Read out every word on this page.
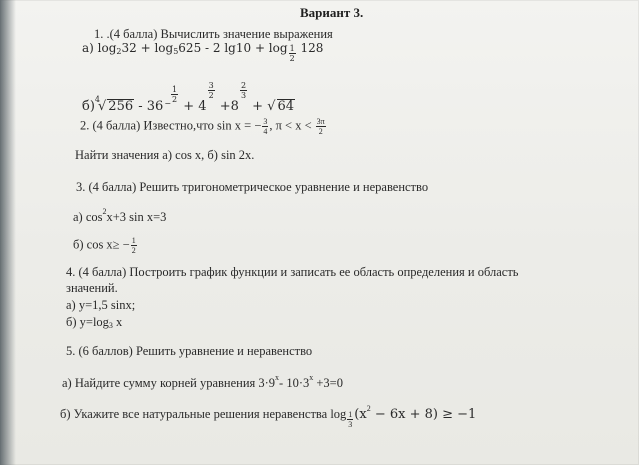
Вариант 3.
1. .(4 балла) Вычислить значение выражения
а) $\log_232 + \log_5625 - 2$ $\lg 10 + \log \frac{1}{2} 128$
б)$^4$√ $256 - 36- \frac{1}{2}$
+ 4
$\frac{3}{2}$
+8
$\frac{2}{3}$
+ √ 64
2. (4 балла) Известно,что sin x = − $\frac{3}{4}$ , $\pi < x < \frac{3\pi}{2}$
Найти значения а) cos x, б) sin 2x.
3. (4 балла) Решить тригонометрическое уравнение и неравенство
а) $\cos^2x+3$ sin x=3
б) $\cos x\ge - \frac{1}{2}$
4. (4 балла) Построить график функции и записать ее область определения и область
значений.
а) y=1,5 sinx;
б) $y=\log_3$ x
5. (6 баллов) Решить уравнение и неравенство
а) Найдите сумму корней уравнения $3\cdot 9^x-$ $10\cdot 3^x +3=0$
б) Укажите все натуральные решения неравенства $\log \frac{1}{3} (x^2 - 6x + 8) \ge -1$
